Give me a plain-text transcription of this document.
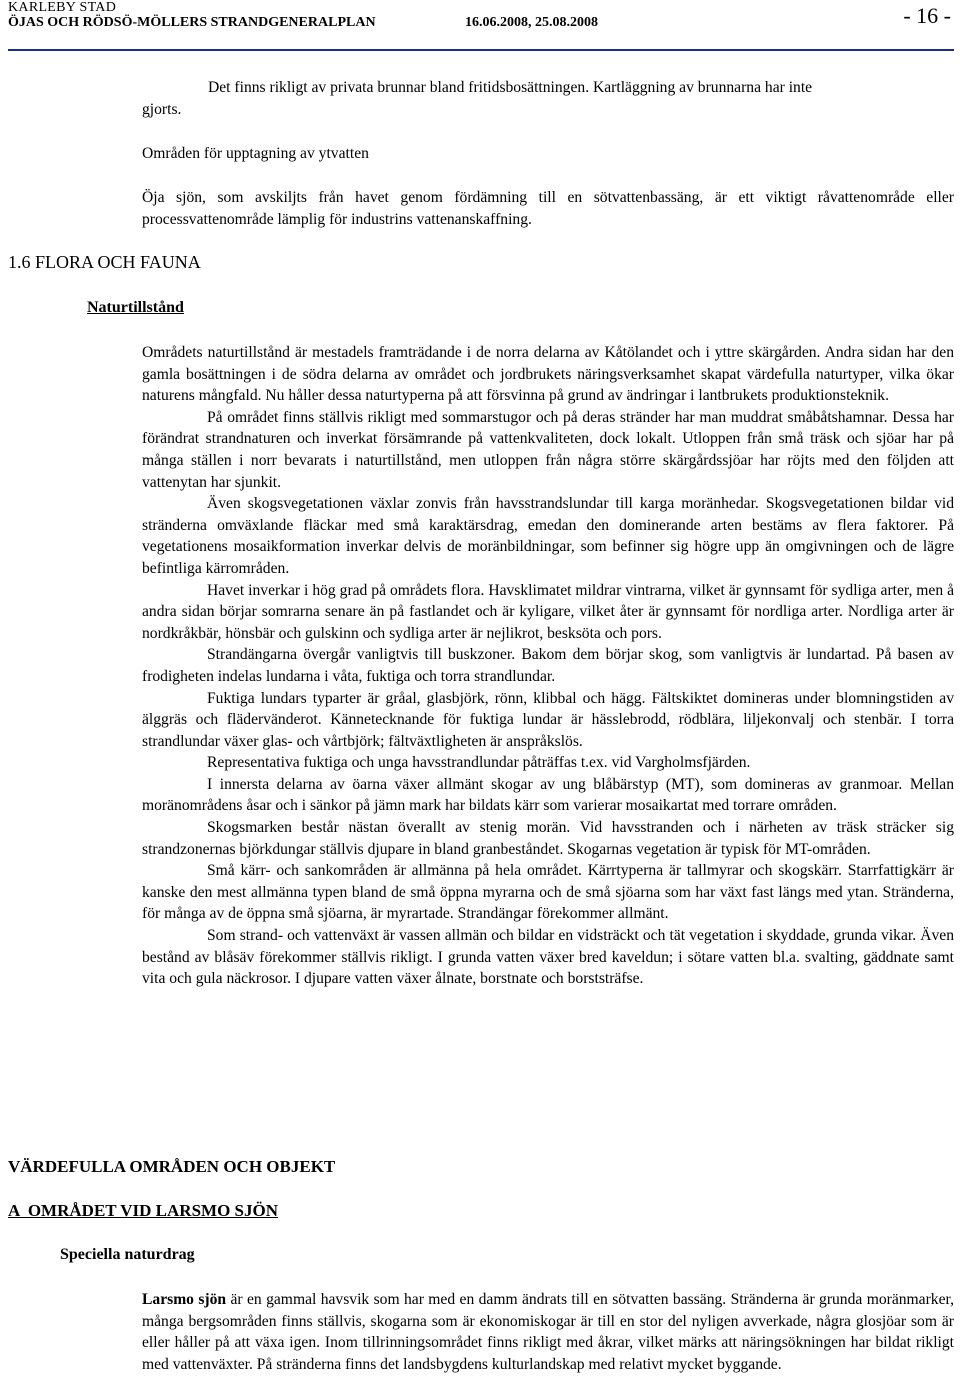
KARLEBY STAD
ÖJAS OCH RÖDSÖ-MÖLLERS STRANDGENERALPLAN	16.06.2008, 25.08.2008	- 16 -
Det finns rikligt av privata brunnar bland fritidsbosättningen. Kartläggning av brunnarna har inte
gjorts.
Områden för upptagning av ytvatten

Öja sjön, som avskiljts från havet genom fördämning till en sötvattenbassäng, är ett viktigt råvattenområde eller processvattenområde lämplig för industrins vattenanskaffning.

1.6 FLORA OCH FAUNA
Naturtillstånd

Områdets naturtillstånd är mestadels framträdande i de norra delarna av Kåtölandet och i yttre skärgården. Andra sidan har den gamla bosättningen i de södra delarna av området och jordbrukets näringsverksamhet skapat värdefulla naturtyper, vilka ökar naturens mångfald. Nu håller dessa naturtyperna på att försvinna på grund av ändringar i lantbrukets produktionsteknik.

På området finns ställvis rikligt med sommarstugor och på deras stränder har man muddrat småbåtshamnar. Dessa har förändrat strandnaturen och inverkat försämrande på vattenkvaliteten, dock lokalt. Utloppen från små träsk och sjöar har på många ställen i norr bevarats i naturtillstånd, men utloppen från några större skärgårdssjöar har röjts med den följden att vattenytan har sjunkit.

Även skogsvegetationen växlar zonvis från havsstrandslundar till karga moränhedar. Skogsvegetationen bildar vid stränderna omväxlande fläckar med små karaktärsdrag, emedan den dominerande arten bestäms av flera faktorer. På vegetationens mosaikformation inverkar delvis de moränbildningar, som befinner sig högre upp än omgivningen och de lägre befintliga kärrområden.

Havet inverkar i hög grad på områdets flora. Havsklimatet mildrar vintrarna, vilket är gynnsamt för sydliga arter, men å andra sidan börjar somrarna senare än på fastlandet och är kyligare, vilket åter är gynnsamt för nordliga arter. Nordliga arter är nordkråkbär, hönsbär och gulskinn och sydliga arter är nejlikrot, besksöta och pors.

Strandängarna övergår vanligtvis till buskzoner. Bakom dem börjar skog, som vanligtvis är lundartad. På basen av frodigheten indelas lundarna i våta, fuktiga och torra strandlundar.

Fuktiga lundars typarter är gråal, glasbjörk, rönn, klibbal och hägg. Fältskiktet domineras under blomningstiden av älggräs och flädervänderot. Kännetecknande för fuktiga lundar är hässlebrodd, rödblära, liljekonvalj och stenbär. I torra strandlundar växer glas- och vårtbjörk; fältväxtligheten är anspråkslös.

Representativa fuktiga och unga havsstrandlundar påträffas t.ex. vid Vargholmsfjärden.

I innersta delarna av öarna växer allmänt skogar av ung blåbärstyp (MT), som domineras av granmoar. Mellan moränområdens åsar och i sänkor på jämn mark har bildats kärr som varierar mosaikartat med torrare områden.

Skogsmarken består nästan överallt av stenig morän. Vid havsstranden och i närheten av träsk sträcker sig strandzonernas björkdungar ställvis djupare in bland granbeståndet. Skogarnas vegetation är typisk för MT-områden.

Små kärr- och sankområden är allmänna på hela området. Kärrtyperna är tallmyrar och skogskärr. Starrfattigkärr är kanske den mest allmänna typen bland de små öppna myrarna och de små sjöarna som har växt fast längs med ytan. Stränderna, för många av de öppna små sjöarna, är myrartade. Strandängar förekommer allmänt.

Som strand- och vattenväxt är vassen allmän och bildar en vidsträckt och tät vegetation i skyddade, grunda vikar. Även bestånd av blåsäv förekommer ställvis rikligt. I grunda vatten växer bred kaveldun; i sötare vatten bl.a. svalting, gäddnate samt vita och gula näckrosor. I djupare vatten växer ålnate, borstnate och borststräfse.

VÄRDEFULLA OMRÅDEN OCH OBJEKT
A  OMRÅDET VID LARSMO SJÖN
Speciella naturdrag

Larsmo sjön är en gammal havsvik som har med en damm ändrats till en sötvatten bassäng. Stränderna är grunda moränmarker, många bergsområden finns ställvis, skogarna som är ekonomiskogar är till en stor del nyligen avverkade, några glosjöar som är eller håller på att växa igen. Inom tillrinningsområdet finns rikligt med åkrar, vilket märks att näringsökningen har bildat rikligt med vattenväxter. På stränderna finns det landsbygdens kulturlandskap med relativt mycket byggande.
